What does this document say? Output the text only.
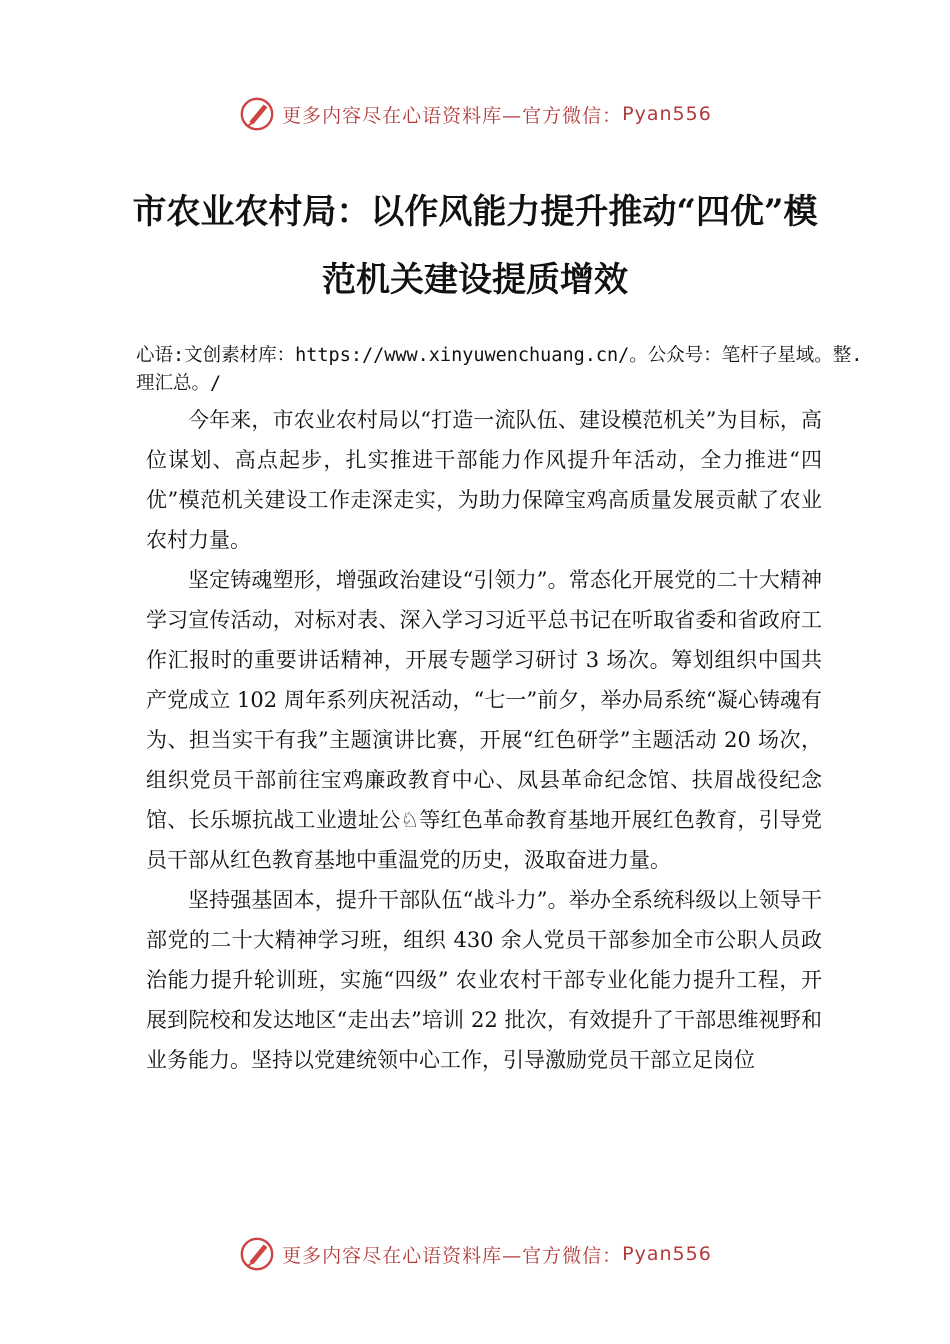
更多内容尽在心语资料库—官方微信： Pyan556
市农业农村局：以作风能力提升推动“四优”模范机关建设提质增效
心语:文创素材库：https://www.xinyuwenchuang.cn/。公众号：笔杆子星域。整.理汇总。/

今年来，市农业农村局以“打造一流队伍、建设模范机关”为目标，高位谋划、高点起步，扎实推进干部能力作风提升年活动，全力推进“四优”模范机关建设工作走深走实，为助力保障宝鸡高质量发展贡献了农业农村力量。

坚定铸魂塑形，增强政治建设“引领力”。常态化开展党的二十大精神学习宣传活动，对标对表、深入学习习近平总书记在听取省委和省政府工作汇报时的重要讲话精神，开展专题学习研讨 3 场次。筹划组织中国共产党成立 102 周年系列庆祝活动，“七一”前夕，举办局系统“凝心铸魂有为、担当实干有我”主题演讲比赛，开展“红色研学”主题活动 20 场次，组织党员干部前往宝鸡廉政教育中心、凤县革命纪念馆、扶眉战役纪念馆、长乐塬抗战工业遗址公♘等红色革命教育基地开展红色教育，引导党员干部从红色教育基地中重温党的历史，汲取奋进力量。

坚持强基固本，提升干部队伍“战斗力”。举办全系统科级以上领导干部党的二十大精神学习班，组织 430 余人党员干部参加全市公职人员政治能力提升轮训班，实施“四级” 农业农村干部专业化能力提升工程，开展到院校和发达地区“走出去”培训 22 批次，有效提升了干部思维视野和业务能力。坚持以党建统领中心工作，引导激励党员干部立足岗位

更多内容尽在心语资料库—官方微信： Pyan556
